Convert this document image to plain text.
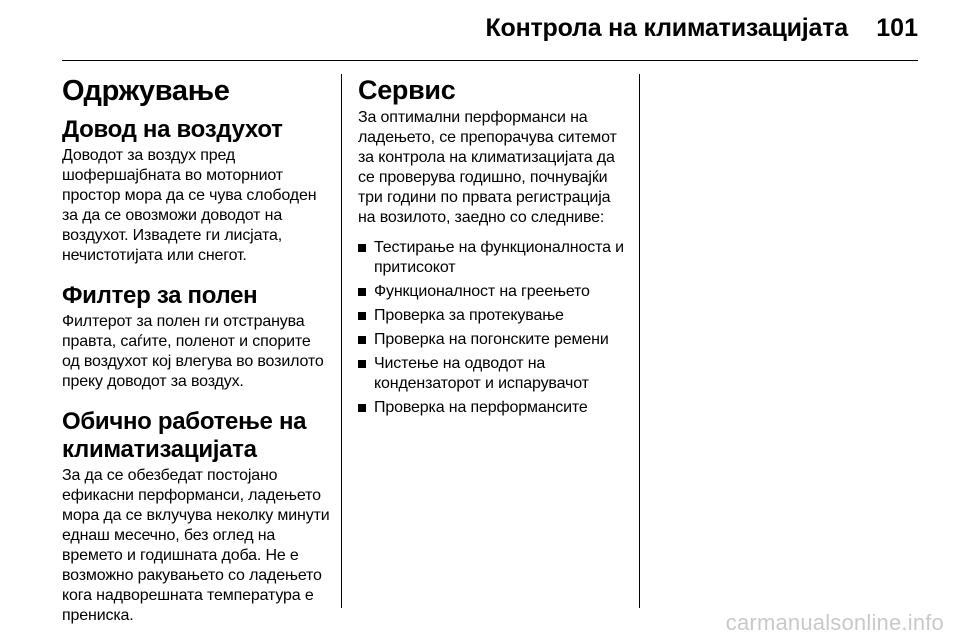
Контрола на климатизацијата 101
Одржување
Довод на воздухот

Доводот за воздух пред шофершајбната во моторниот простор мора да се чува слободен за да се овозможи доводот на воздухот. Извадете ги лисјата, нечистотијата или снегот.

Филтер за полен

Филтерот за полен ги отстранува правта, саѓите, поленот и спорите од воздухот кој влегува во возилото преку доводот за воздух.

Обично работење на климатизацијата

За да се обезбедат постојано ефикасни перформанси, ладењето мора да се вклучува неколку минути еднаш месечно, без оглед на времето и годишната доба. Не е возможно ракувањето со ладењето кога надворешната температура е прениска.

Сервис

За оптимални перформанси на ладењето, се препорачува ситемот за контрола на климатизацијата да се проверува годишно, почнувајќи три години по првата регистрација на возилото, заедно со следниве:

Тестирање на функционалноста и притисокот
Функционалност на греењето
Проверка за протекување
Проверка на погонските ремени
Чистење на одводот на кондензаторот и испарувачот
Проверка на перформансите
carmanualsonline.info
